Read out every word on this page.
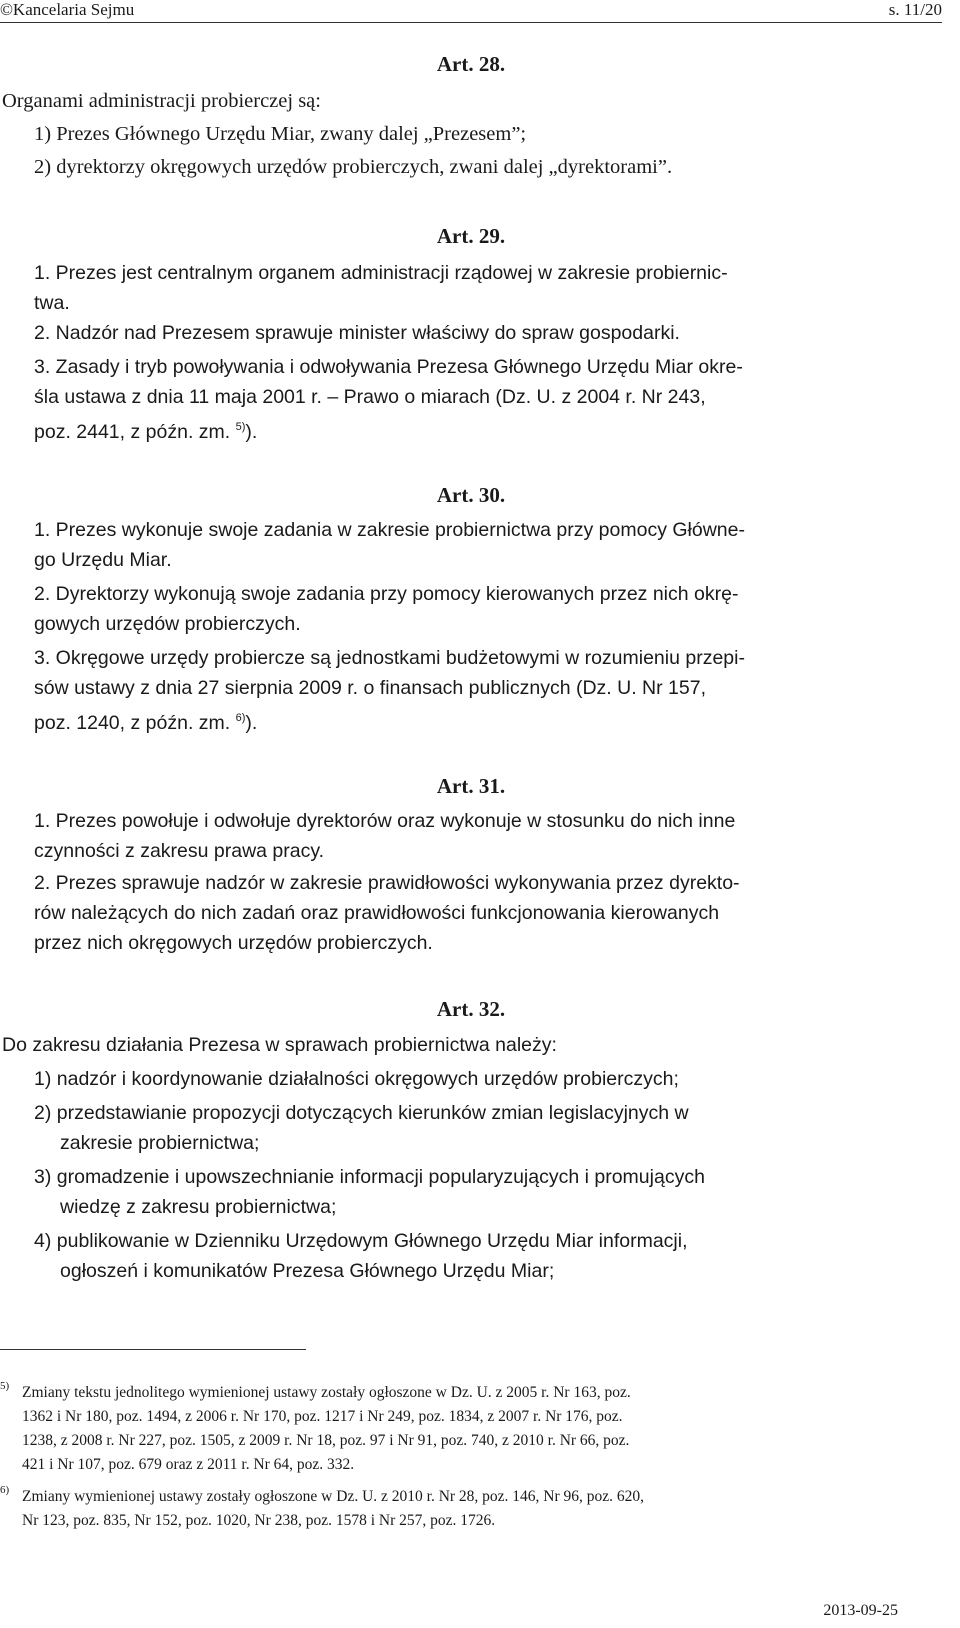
©Kancelaria Sejmu	s. 11/20
Art. 28.
Organami administracji probierczej są:
1) Prezes Głównego Urzędu Miar, zwany dalej „Prezesem”;
2) dyrektorzy okręgowych urzędów probierczych, zwani dalej „dyrektorami”.
Art. 29.
1. Prezes jest centralnym organem administracji rządowej w zakresie probiernic-
twa.
2. Nadzór nad Prezesem sprawuje minister właściwy do spraw gospodarki.
3. Zasady i tryb powoływania i odwoływania Prezesa Głównego Urzędu Miar okre-
śla ustawa z dnia 11 maja 2001 r. – Prawo o miarach (Dz. U. z 2004 r. Nr 243,
poz. 2441, z późn. zm. $^{5)}$).
Art. 30.
1. Prezes wykonuje swoje zadania w zakresie probiernictwa przy pomocy Główne-
go Urzędu Miar.
2. Dyrektorzy wykonują swoje zadania przy pomocy kierowanych przez nich okrę-
gowych urzędów probierczych.
3. Okręgowe urzędy probiercze są jednostkami budżetowymi w rozumieniu przepi-
sów ustawy z dnia 27 sierpnia 2009 r. o finansach publicznych (Dz. U. Nr 157,
poz. 1240, z późn. zm. $^{6)}$).
Art. 31.
1. Prezes powołuje i odwołuje dyrektorów oraz wykonuje w stosunku do nich inne
czynności z zakresu prawa pracy.
2. Prezes sprawuje nadzór w zakresie prawidłowości wykonywania przez dyrekto-
rów należących do nich zadań oraz prawidłowości funkcjonowania kierowanych
przez nich okręgowych urzędów probierczych.
Art. 32.
Do zakresu działania Prezesa w sprawach probiernictwa należy:
1) nadzór i koordynowanie działalności okręgowych urzędów probierczych;
2) przedstawianie propozycji dotyczących kierunków zmian legislacyjnych w
zakresie probiernictwa;
3) gromadzenie i upowszechnianie informacji popularyzujących i promujących
wiedzę z zakresu probiernictwa;
4) publikowanie w Dzienniku Urzędowym Głównego Urzędu Miar informacji,
ogłoszeń i komunikatów Prezesa Głównego Urzędu Miar;
$^{5)}$ Zmiany tekstu jednolitego wymienionej ustawy zostały ogłoszone w Dz. U. z 2005 r. Nr 163, poz.
1362 i Nr 180, poz. 1494, z 2006 r. Nr 170, poz. 1217 i Nr 249, poz. 1834, z 2007 r. Nr 176, poz.
1238, z 2008 r. Nr 227, poz. 1505, z 2009 r. Nr 18, poz. 97 i Nr 91, poz. 740, z 2010 r. Nr 66, poz.
421 i Nr 107, poz. 679 oraz z 2011 r. Nr 64, poz. 332.
$^{6)}$ Zmiany wymienionej ustawy zostały ogłoszone w Dz. U. z 2010 r. Nr 28, poz. 146, Nr 96, poz. 620,
Nr 123, poz. 835, Nr 152, poz. 1020, Nr 238, poz. 1578 i Nr 257, poz. 1726.
2013-09-25
